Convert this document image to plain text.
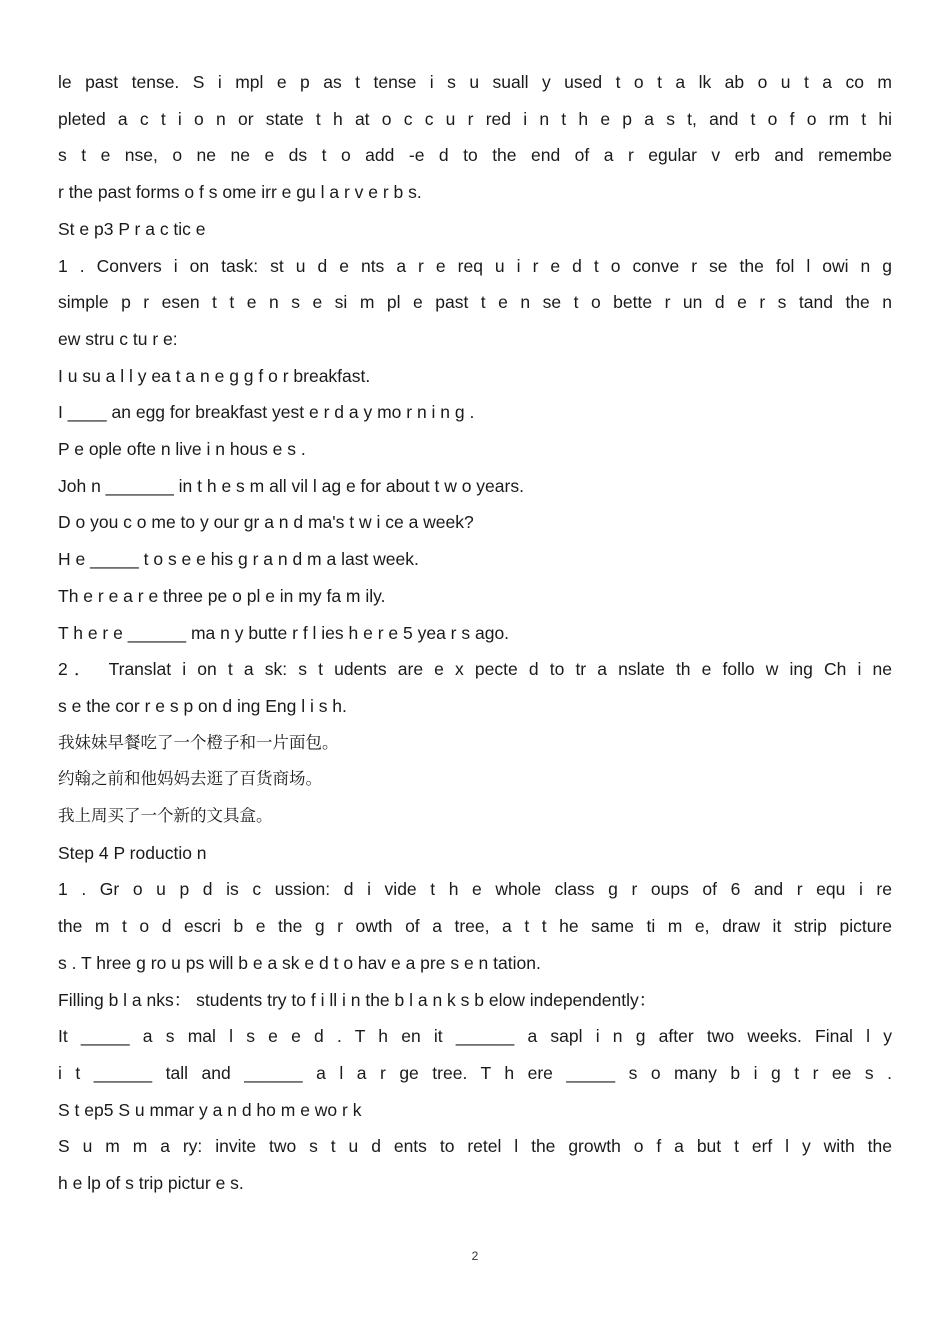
le past tense. S i mpl e p as t tense i s u suall y used t o t a lk ab o u t a co m
pleted a c t i o n or state t h at o c c u r red i n t h e p a s t, and t o f o rm t hi
s t e nse, o ne ne e ds t o add -e d to the end of a r egular v erb and remembe
r the past forms o f s ome irr e gu l a r v e r b s.
St e p3 P r a c tic e
1 . Convers i on task: st u d e nts a r e req u i r e d t o conve r se the fol l owi n g
simple p r esen t t e n s e si m pl e past t e n se t o bette r un d e r s tand the n
ew stru c tu r e:
I u su a l l y ea t a n e g g f o r breakfast.
I ____ an egg for breakfast yest e r d a y mo r n i n g .
P e ople ofte n live i n hous e s .
Joh n _______ in t h e s m all vil l ag e for about t w o years.
D o you c o me to y our gr a n d ma's t w i ce a week?
H e _____ t o s e e his g r a n d m a last week.
Th e r e a r e three pe o pl e in my fa m ily.
T h e r e ______ ma n y butte r f l ies h e r e 5 yea r s ago.
2． Translat i on t a sk: s t udents are e x pecte d to tr a nslate th e follo w ing Ch i ne
s e the cor r e s p on d ing Eng l i s h.
我妹妹早餐吃了一个橙子和一片面包。
约翰之前和他妈妈去逛了百货商场。
我上周买了一个新的文具盒。
Step 4 P roductio n
1 . Gr o u p d is c ussion: d i vide t h e whole class g r oups of 6 and r equ i re
the m t o d escri b e the g r owth of a tree, a t t he same ti m e, draw it strip picture
s . T hree g ro u ps will b e a sk e d t o hav e a pre s e n tation.
Filling b l a nks： students try to f i ll i n the b l a n k s b elow independently：
It _____ a s mal l s e e d . T h en it ______ a sapl i n g after two weeks. Final l y
i t ______ tall and ______ a l a r ge tree. T h ere _____ s o many b i g t r ee s .
S t ep5 S u mmar y a n d ho m e wo r k
S u m m a ry: invite two s t u d ents to retel l the growth o f a but t erf l y with the
h e lp of s trip pictur e s.
2
